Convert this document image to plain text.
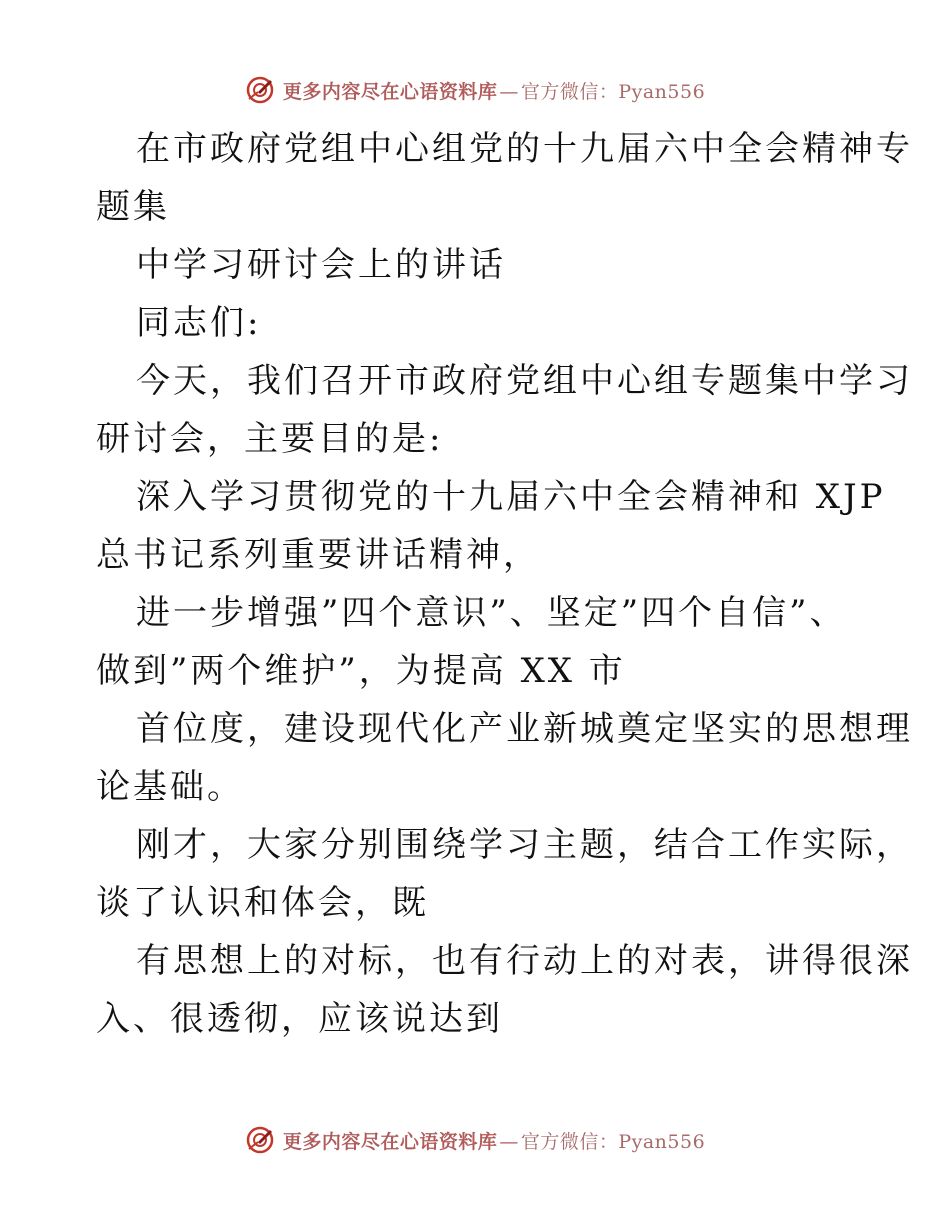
更多内容尽在心语资料库 — 官方微信：Pyan556
在市政府党组中心组党的十九届六中全会精神专
题集
中学习研讨会上的讲话
同志们:
今天，我们召开市政府党组中心组专题集中学习
研讨会，主要目的是:
深入学习贯彻党的十九届六中全会精神和 XJP
总书记系列重要讲话精神，
进一步增强”四个意识”、坚定”四个自信”、
做到”两个维护”，为提高 XX 市
首位度，建设现代化产业新城奠定坚实的思想理
论基础。
刚才，大家分别围绕学习主题，结合工作实际，
谈了认识和体会，既
有思想上的对标，也有行动上的对表，讲得很深
入、很透彻，应该说达到
更多内容尽在心语资料库 — 官方微信：Pyan556
